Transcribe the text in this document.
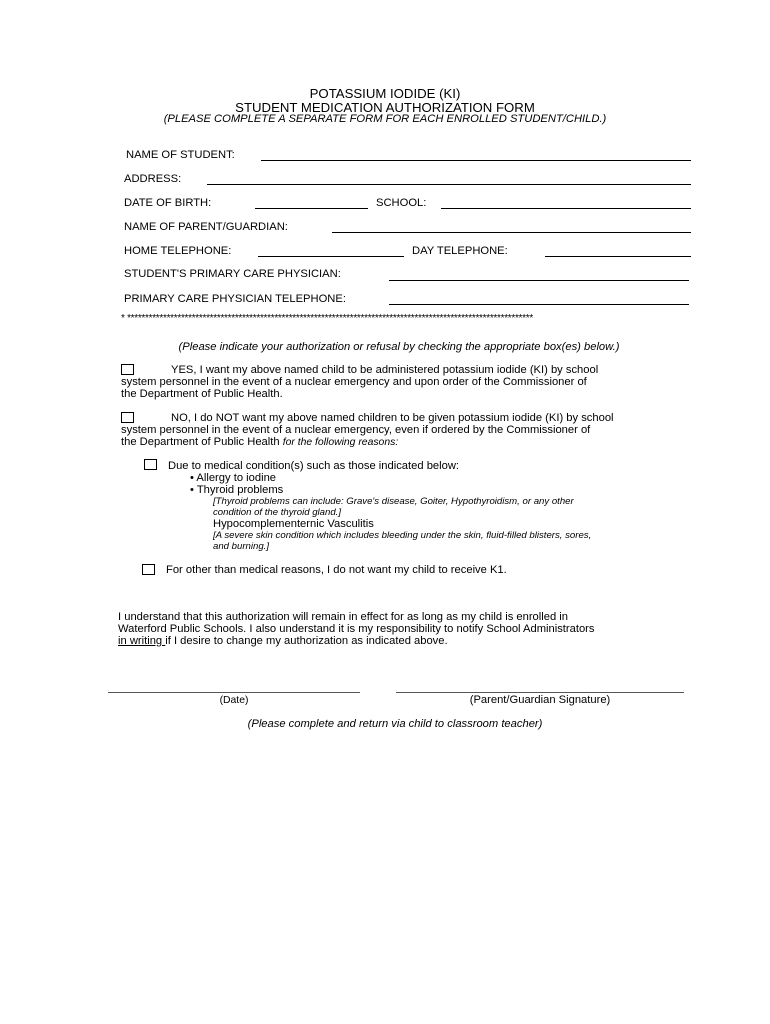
POTASSIUM IODIDE (KI)
STUDENT MEDICATION AUTHORIZATION FORM
(PLEASE COMPLETE A SEPARATE FORM FOR EACH ENROLLED STUDENT/CHILD.)
NAME OF STUDENT:
ADDRESS:
DATE OF BIRTH:	SCHOOL:
NAME OF PARENT/GUARDIAN:
HOME TELEPHONE:	DAY TELEPHONE:
STUDENT'S PRIMARY CARE PHYSICIAN:
PRIMARY CARE PHYSICIAN TELEPHONE:
* *****************************************************************************************************************
(Please indicate your authorization or refusal by checking the appropriate box(es) below.)
YES, I want my above named child to be administered potassium iodide (KI) by school
system personnel in the event of a nuclear emergency and upon order of the Commissioner of
the Department of Public Health.
NO, I do NOT want my above named children to be given potassium iodide (KI) by school
system personnel in the event of a nuclear emergency, even if ordered by the Commissioner of
the Department of Public Health for the following reasons:
Due to medical condition(s) such as those indicated below:
• Allergy to iodine
• Thyroid problems
[Thyroid problems can include: Grave's disease, Goiter, Hypothyroidism, or any other
condition of the thyroid gland.]
Hypocomplementernic Vasculitis
[A severe skin condition which includes bleeding under the skin, fluid-filled blisters, sores,
and burning.]
For other than medical reasons, I do not want my child to receive K1.
I understand that this authorization will remain in effect for as long as my child is enrolled in
Waterford Public Schools. I also understand it is my responsibility to notify School Administrators
in writing if I desire to change my authorization as indicated above.
(Date)	(Parent/Guardian Signature)
(Please complete and return via child to classroom teacher)
